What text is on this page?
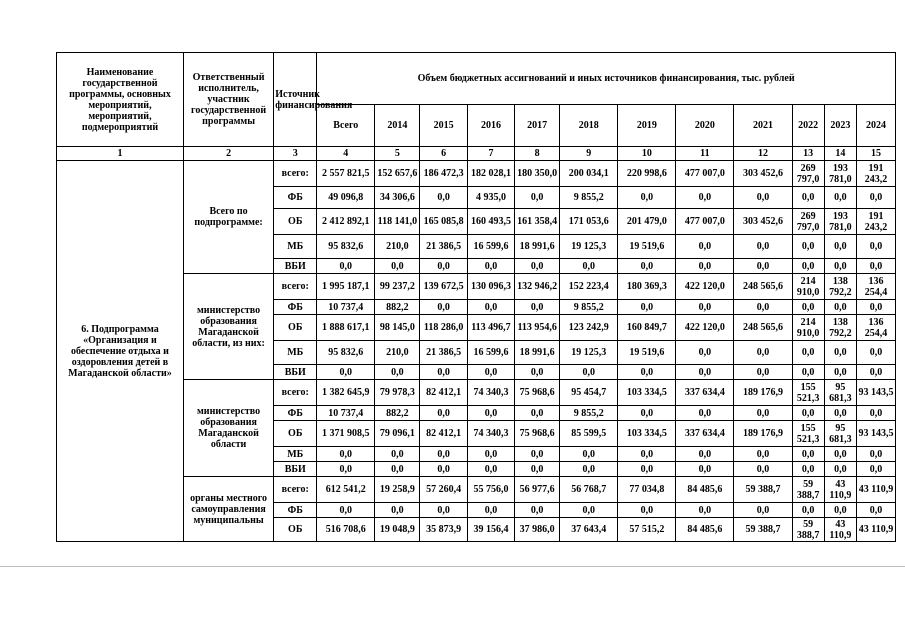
Наименование государственной программы, основных мероприятий, мероприятий, подмероприятий	Ответственный исполнитель, участник государственной программы	Источник финансирования	Объем бюджетных ассигнований и иных источников финансирования, тыс. рублей											
			Всего	2014	2015	2016	2017	2018	2019	2020	2021	2022	2023	2024
1	2	3	4	5	6	7	8	9	10	11	12	13	14	15
6. Подпрограмма «Организация и обеспечение отдыха и оздоровления детей в Магаданской области»	Всего по подпрограмме:	всего:	2 557 821,5	152 657,6	186 472,3	182 028,1	180 350,0	200 034,1	220 998,6	477 007,0	303 452,6	269 797,0	193 781,0	191 243,2
		ФБ	49 096,8	34 306,6	0,0	4 935,0	0,0	9 855,2	0,0	0,0	0,0	0,0	0,0	0,0
		ОБ	2 412 892,1	118 141,0	165 085,8	160 493,5	161 358,4	171 053,6	201 479,0	477 007,0	303 452,6	269 797,0	193 781,0	191 243,2
		МБ	95 832,6	210,0	21 386,5	16 599,6	18 991,6	19 125,3	19 519,6	0,0	0,0	0,0	0,0	0,0
		ВБИ	0,0	0,0	0,0	0,0	0,0	0,0	0,0	0,0	0,0	0,0	0,0	0,0
	министерство образования Магаданской области, из них:	всего:	1 995 187,1	99 237,2	139 672,5	130 096,3	132 946,2	152 223,4	180 369,3	422 120,0	248 565,6	214 910,0	138 792,2	136 254,4
		ФБ	10 737,4	882,2	0,0	0,0	0,0	9 855,2	0,0	0,0	0,0	0,0	0,0	0,0
		ОБ	1 888 617,1	98 145,0	118 286,0	113 496,7	113 954,6	123 242,9	160 849,7	422 120,0	248 565,6	214 910,0	138 792,2	136 254,4
		МБ	95 832,6	210,0	21 386,5	16 599,6	18 991,6	19 125,3	19 519,6	0,0	0,0	0,0	0,0	0,0
		ВБИ	0,0	0,0	0,0	0,0	0,0	0,0	0,0	0,0	0,0	0,0	0,0	0,0
	министерство образования Магаданской области	всего:	1 382 645,9	79 978,3	82 412,1	74 340,3	75 968,6	95 454,7	103 334,5	337 634,4	189 176,9	155 521,3	95 681,3	93 143,5
		ФБ	10 737,4	882,2	0,0	0,0	0,0	9 855,2	0,0	0,0	0,0	0,0	0,0	0,0
		ОБ	1 371 908,5	79 096,1	82 412,1	74 340,3	75 968,6	85 599,5	103 334,5	337 634,4	189 176,9	155 521,3	95 681,3	93 143,5
		МБ	0,0	0,0	0,0	0,0	0,0	0,0	0,0	0,0	0,0	0,0	0,0	0,0
		ВБИ	0,0	0,0	0,0	0,0	0,0	0,0	0,0	0,0	0,0	0,0	0,0	0,0
	органы местного самоуправления муниципальны	всего:	612 541,2	19 258,9	57 260,4	55 756,0	56 977,6	56 768,7	77 034,8	84 485,6	59 388,7	59 388,7	43 110,9	43 110,9
		ФБ	0,0	0,0	0,0	0,0	0,0	0,0	0,0	0,0	0,0	0,0	0,0	0,0
		ОБ	516 708,6	19 048,9	35 873,9	39 156,4	37 986,0	37 643,4	57 515,2	84 485,6	59 388,7	59 388,7	43 110,9	43 110,9
